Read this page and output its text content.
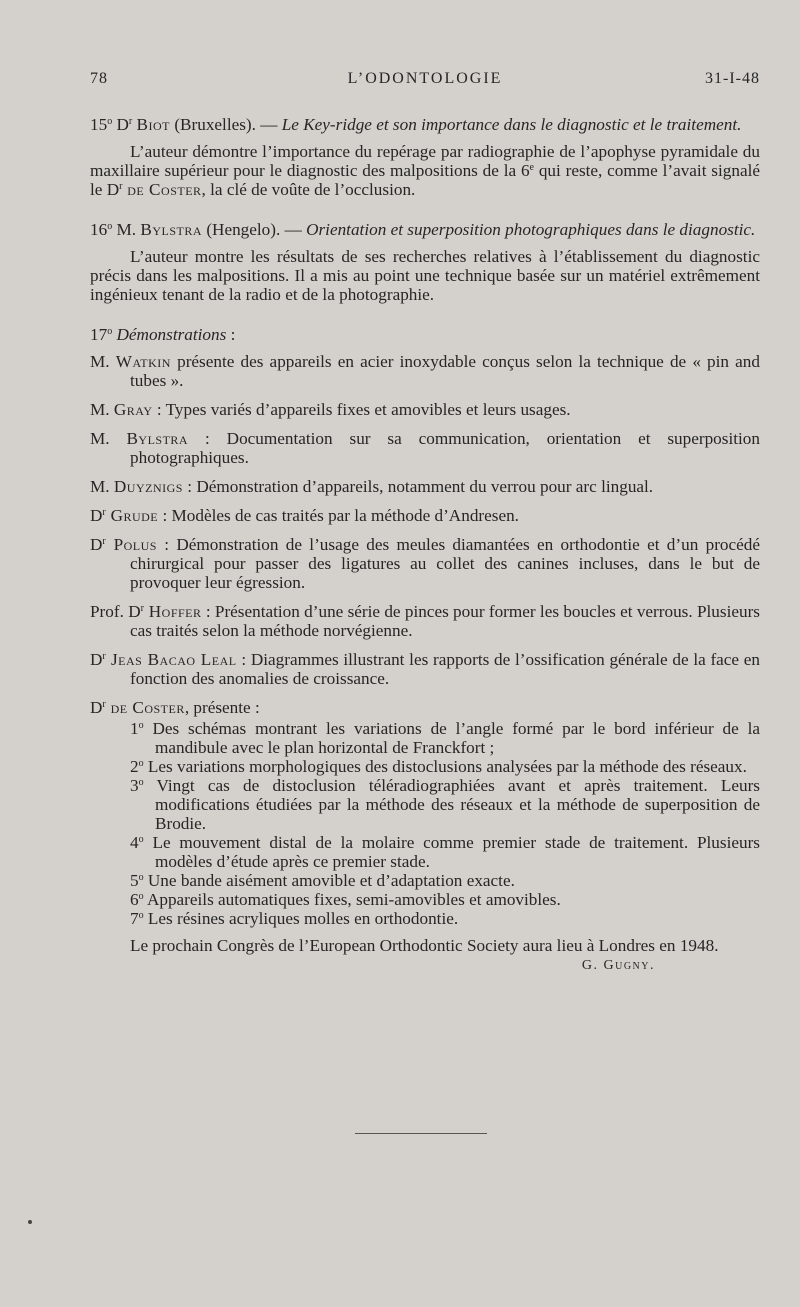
78	L’ODONTOLOGIE	31-I-48

15$^o$ $D^r$ Biot (Bruxelles). — Le Key-ridge et son importance dans le diagnostic et le traitement.

L’auteur démontre l’importance du repérage par radiographie de l’apophyse pyramidale du maxillaire supérieur pour le diagnostic des malpositions de la 6e qui reste, comme l’avait signalé le $D^r$ de Coster, la clé de voûte de l’occlusion.

16$^o$ M. Bylstra (Hengelo). — Orientation et superposition photographiques dans le diagnostic.

L’auteur montre les résultats de ses recherches relatives à l’établissement du diagnostic précis dans les malpositions. Il a mis au point une technique basée sur un matériel extrêmement ingénieux tenant de la radio et de la photographie.

17$^o$ Démonstrations :

M. Watkin présente des appareils en acier inoxydable conçus selon la technique de « pin and tubes ».

M. Gray : Types variés d’appareils fixes et amovibles et leurs usages.

M. Bylstra : Documentation sur sa communication, orientation et superposition photographiques.

M. Duyznigs : Démonstration d’appareils, notamment du verrou pour arc lingual.

$D^r$ Grude : Modèles de cas traités par la méthode d’Andresen.

$D^r$ Polus : Démonstration de l’usage des meules diamantées en orthodontie et d’un procédé chirurgical pour passer des ligatures au collet des canines incluses, dans le but de provoquer leur égression.

Prof. $D^r$ Hoffer : Présentation d’une série de pinces pour former les boucles et verrous. Plusieurs cas traités selon la méthode norvégienne.

$D^r$ Jeas Bacao Leal : Diagrammes illustrant les rapports de l’ossification générale de la face en fonction des anomalies de croissance.

$D^r$ de Coster, présente :

1$^o$ Des schémas montrant les variations de l’angle formé par le bord inférieur de la mandibule avec le plan horizontal de Franckfort ;

2$^o$ Les variations morphologiques des distoclusions analysées par la méthode des réseaux.

3$^o$ Vingt cas de distoclusion téléradiographiées avant et après traitement. Leurs modifications étudiées par la méthode des réseaux et la méthode de superposition de Brodie.

4$^o$ Le mouvement distal de la molaire comme premier stade de traitement. Plusieurs modèles d’étude après ce premier stade.

5$^o$ Une bande aisément amovible et d’adaptation exacte.

6$^o$ Appareils automatiques fixes, semi-amovibles et amovibles.

7$^o$ Les résines acryliques molles en orthodontie.

Le prochain Congrès de l’European Orthodontic Society aura lieu à Londres en 1948.

G. Gugny.
